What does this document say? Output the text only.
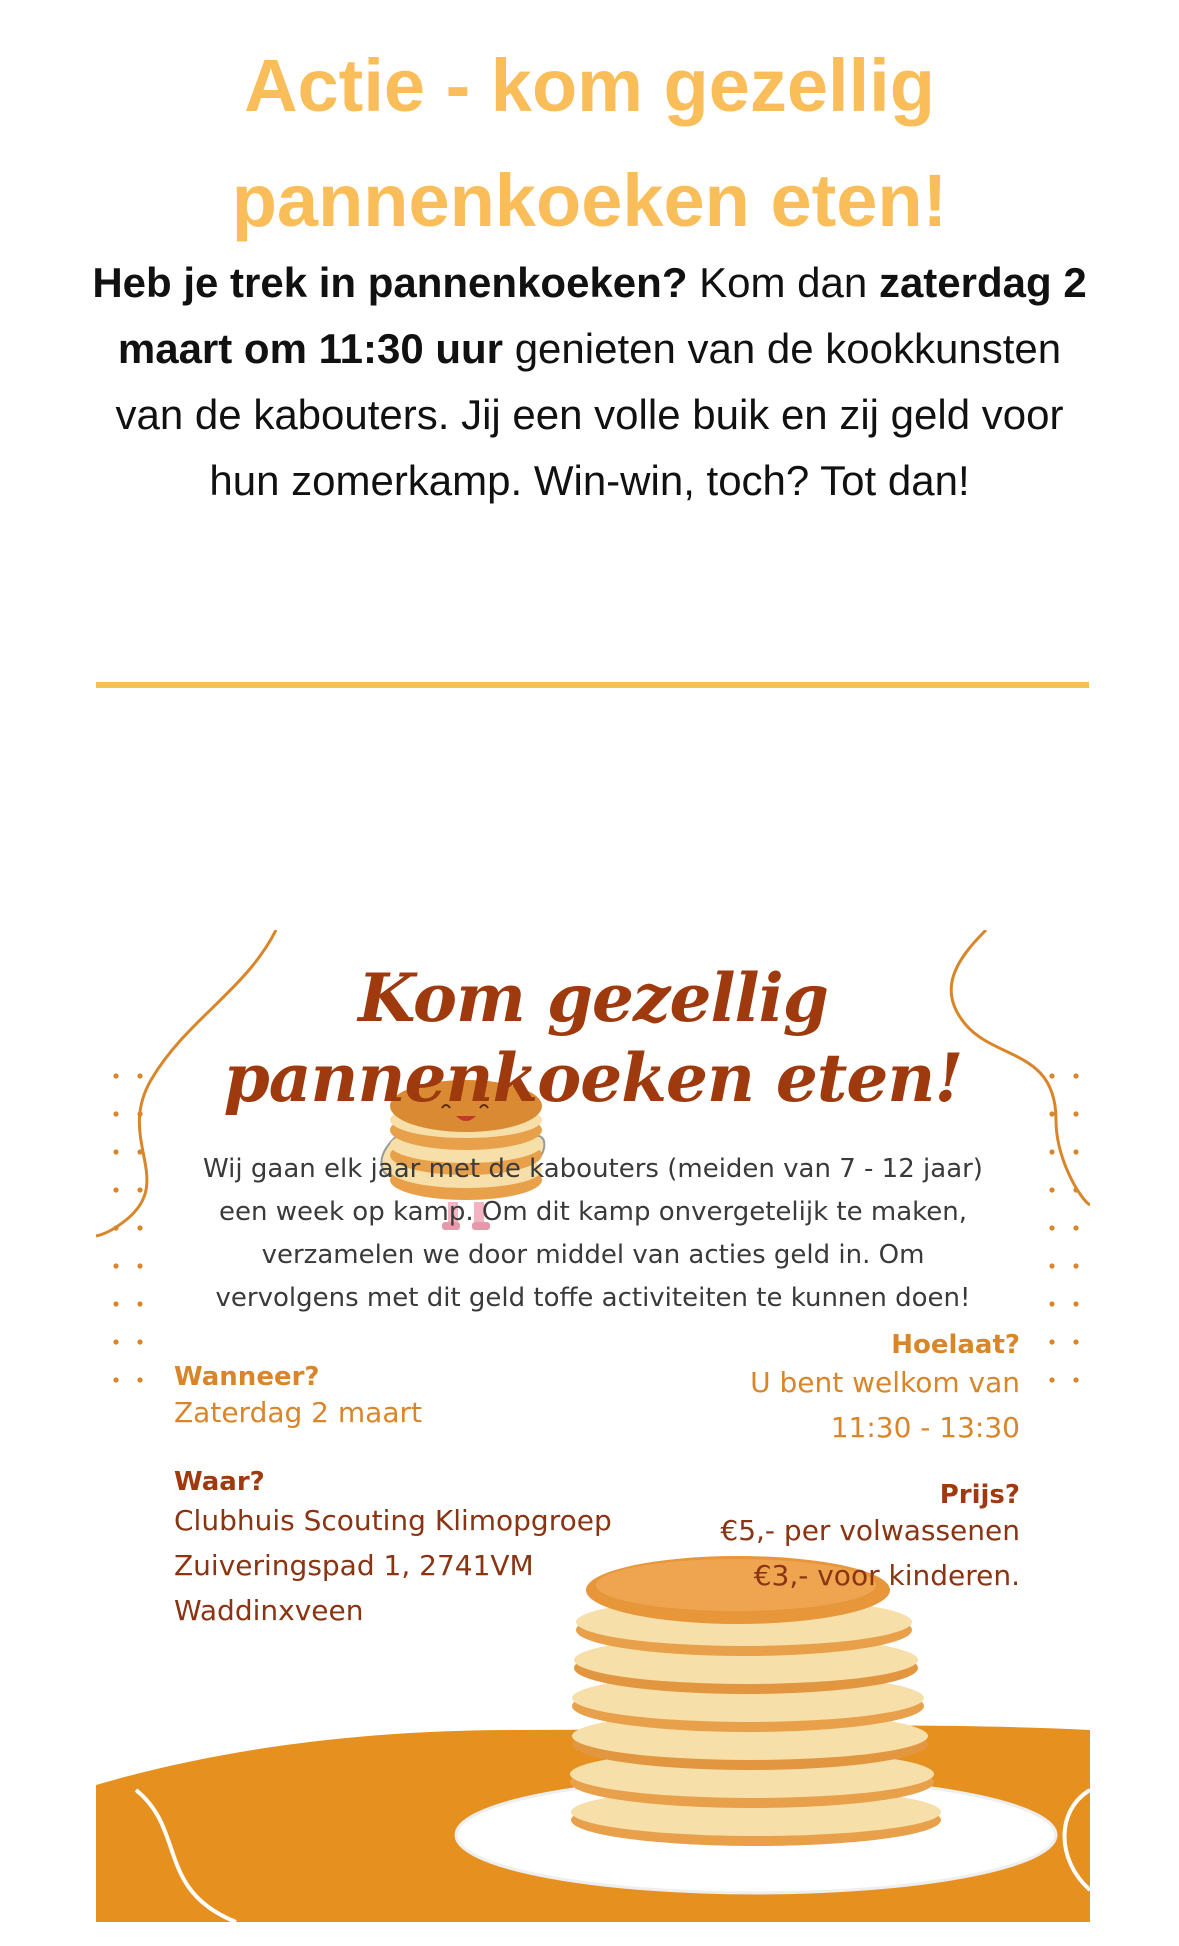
Actie - kom gezellig
pannenkoeken eten!

Heb je trek in pannenkoeken? Kom dan zaterdag 2 maart om 11:30 uur genieten van de kookkunsten van de kabouters. Jij een volle buik en zij geld voor hun zomerkamp. Win-win, toch? Tot dan!

Kom gezellig
pannenkoeken eten!

Wij gaan elk jaar met de kabouters (meiden van 7 - 12 jaar)
een week op kamp. Om dit kamp onvergetelijk te maken,
verzamelen we door middel van acties geld in. Om
vervolgens met dit geld toffe activiteiten te kunnen doen!

Wanneer?

Zaterdag 2 maart

Waar?

Clubhuis Scouting Klimopgroep
Zuiveringspad 1, 2741VM
Waddinxveen

Hoelaat?

U bent welkom van
11:30 - 13:30

Prijs?

€5,- per volwassenen
€3,- voor kinderen.
